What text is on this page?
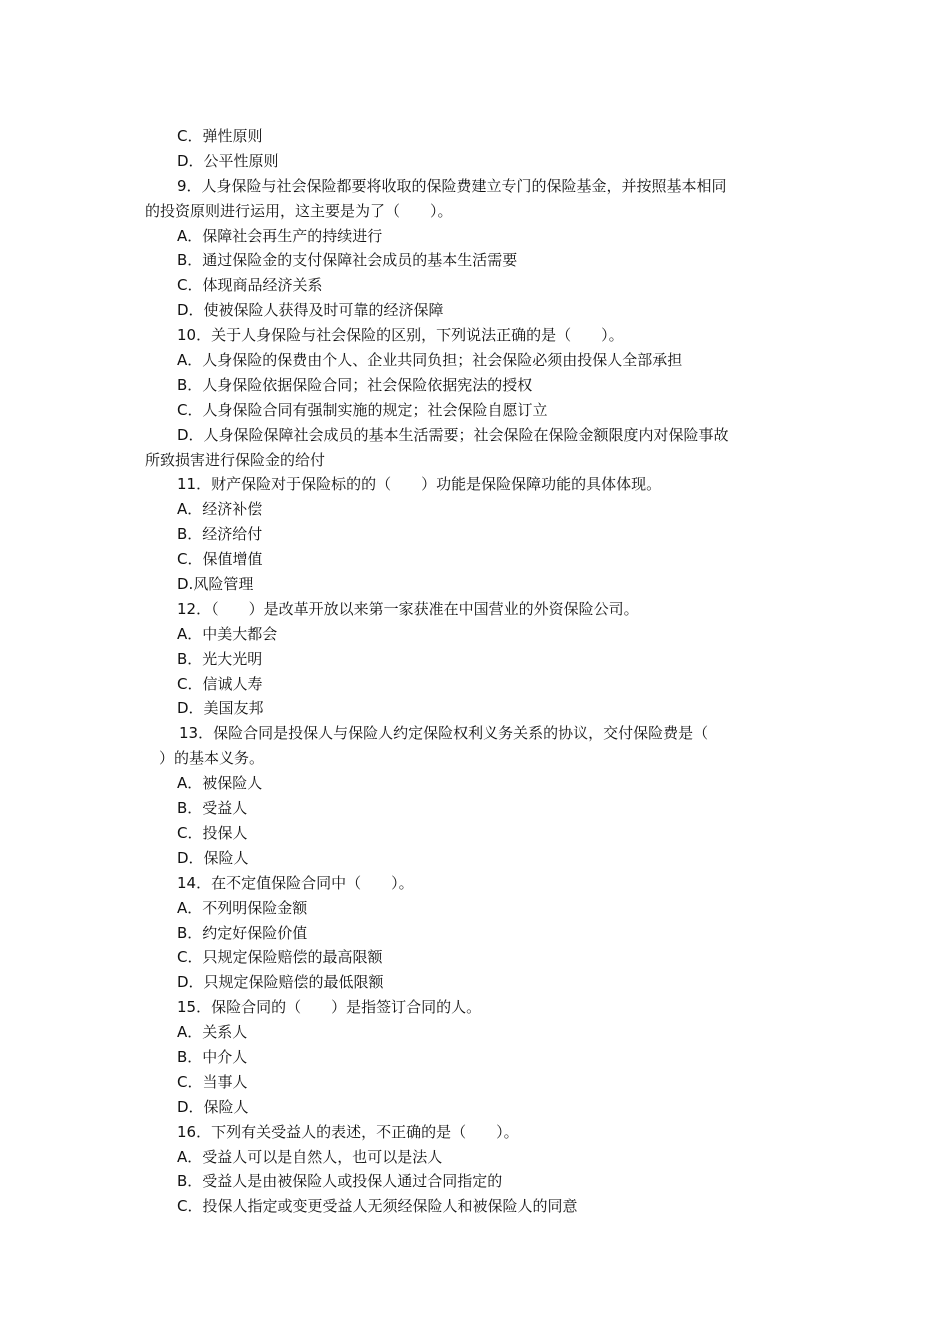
C．弹性原则
D．公平性原则
9．人身保险与社会保险都要将收取的保险费建立专门的保险基金，并按照基本相同
的投资原则进行运用，这主要是为了（　　）。
A．保障社会再生产的持续进行
B．通过保险金的支付保障社会成员的基本生活需要
C．体现商品经济关系
D．使被保险人获得及时可靠的经济保障
10．关于人身保险与社会保险的区别，下列说法正确的是（　　）。
A．人身保险的保费由个人、企业共同负担；社会保险必须由投保人全部承担
B．人身保险依据保险合同；社会保险依据宪法的授权
C．人身保险合同有强制实施的规定；社会保险自愿订立
D．人身保险保障社会成员的基本生活需要；社会保险在保险金额限度内对保险事故
所致损害进行保险金的给付
11．财产保险对于保险标的的（　　）功能是保险保障功能的具体体现。
A．经济补偿
B．经济给付
C．保值增值
D.风险管理
12．（　　）是改革开放以来第一家获准在中国营业的外资保险公司。
A．中美大都会
B．光大光明
C．信诚人寿
D．美国友邦
13．保险合同是投保人与保险人约定保险权利义务关系的协议，交付保险费是（
）的基本义务。
A．被保险人
B．受益人
C．投保人
D．保险人
14．在不定值保险合同中（　　）。
A．不列明保险金额
B．约定好保险价值
C．只规定保险赔偿的最高限额
D．只规定保险赔偿的最低限额
15．保险合同的（　　）是指签订合同的人。
A．关系人
B．中介人
C．当事人
D．保险人
16．下列有关受益人的表述，不正确的是（　　）。
A．受益人可以是自然人，也可以是法人
B．受益人是由被保险人或投保人通过合同指定的
C．投保人指定或变更受益人无须经保险人和被保险人的同意
